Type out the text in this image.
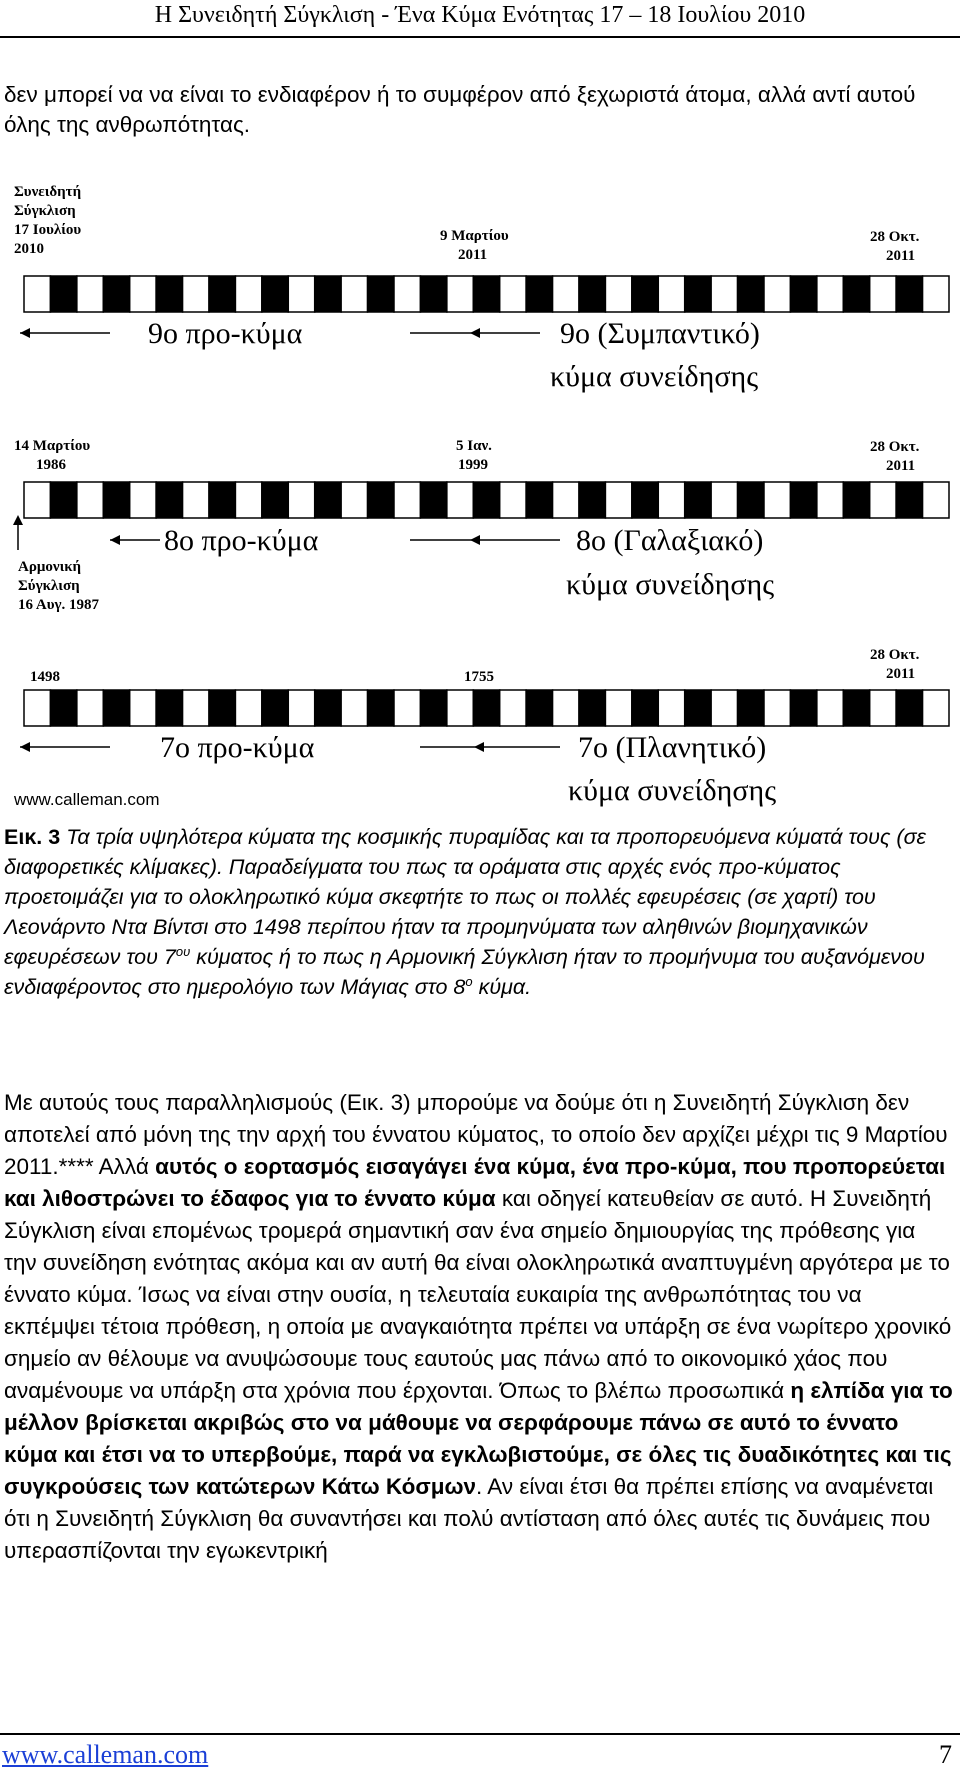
Η Συνειδητή Σύγκλιση - Ένα Κύμα Ενότητας 17 – 18 Ιουλίου 2010

δεν μπορεί να να είναι το ενδιαφέρον ή το συμφέρον από ξεχωριστά άτομα, αλλά αντί αυτού όλης της ανθρωπότητας.

Συνειδητή
Σύγκλιση
17 Ιουλίου
2010
9 Μαρτίου
2011
28 Οκτ.
2011
9ο προ-κύμα	9ο (Συμπαντικό)
κύμα συνείδησης
14 Μαρτίου
1986
5 Ιαν.
1999
28 Οκτ.
2011
8ο προ-κύμα	8ο (Γαλαξιακό)
Αρμονική
Σύγκλιση
16 Αυγ. 1987
κύμα συνείδησης
28 Οκτ.
2011
1498	1755
7ο προ-κύμα	7ο (Πλανητικό)
www.calleman.com	κύμα συνείδησης
Εικ. 3 Τα τρία υψηλότερα κύματα της κοσμικής πυραμίδας και τα προπορευόμενα κύματά τους (σε διαφορετικές κλίμακες). Παραδείγματα του πως τα οράματα στις αρχές ενός προ-κύματος προετοιμάζει για το ολοκληρωτικό κύμα σκεφτήτε το πως οι πολλές εφευρέσεις (σε χαρτί) του Λεονάρντο Ντα Βίντσι στο 1498 περίπου ήταν τα προμηνύματα των αληθινών βιομηχανικών εφευρέσεων του $7^{o\upsilon}$ κύματος ή το πως η Αρμονική Σύγκλιση ήταν το προμήνυμα του αυξανόμενου ενδιαφέροντος στο ημερολόγιο των Μάγιας στο $8^o$ κύμα.
Με αυτούς τους παραλληλισμούς (Εικ. 3) μπορούμε να δούμε ότι η Συνειδητή Σύγκλιση δεν αποτελεί από μόνη της την αρχή του έννατου κύματος, το οποίο δεν αρχίζει μέχρι τις 9 Μαρτίου 2011.**** Αλλά αυτός ο εορτασμός εισαγάγει ένα κύμα, ένα προ-κύμα, που προπορεύεται και λιθοστρώνει το έδαφος για το έννατο κύμα και οδηγεί κατευθείαν σε αυτό. Η Συνειδητή Σύγκλιση είναι επομένως τρομερά σημαντική σαν ένα σημείο δημιουργίας της πρόθεσης για την συνείδηση ενότητας ακόμα και αν αυτή θα είναι ολοκληρωτικά αναπτυγμένη αργότερα με το έννατο κύμα. Ίσως να είναι στην ουσία, η τελευταία ευκαιρία της ανθρωπότητας του να εκπέμψει τέτοια πρόθεση, η οποία με αναγκαιότητα πρέπει να υπάρξη σε ένα νωρίτερο χρονικό σημείο αν θέλουμε να ανυψώσουμε τους εαυτούς μας πάνω από το οικονομικό χάος που αναμένουμε να υπάρξη στα χρόνια που έρχονται. Όπως το βλέπω προσωπικά η ελπίδα για το μέλλον βρίσκεται ακριβώς στο να μάθουμε να σερφάρουμε πάνω σε αυτό το έννατο κύμα και έτσι να το υπερβούμε, παρά να εγκλωβιστούμε, σε όλες τις δυαδικότητες και τις συγκρούσεις των κατώτερων Κάτω Κόσμων. Αν είναι έτσι θα πρέπει επίσης να αναμένεται ότι η Συνειδητή Σύγκλιση θα συναντήσει και πολύ αντίσταση από όλες αυτές τις δυνάμεις που υπερασπίζονται την εγωκεντρική
www.calleman.com	7
